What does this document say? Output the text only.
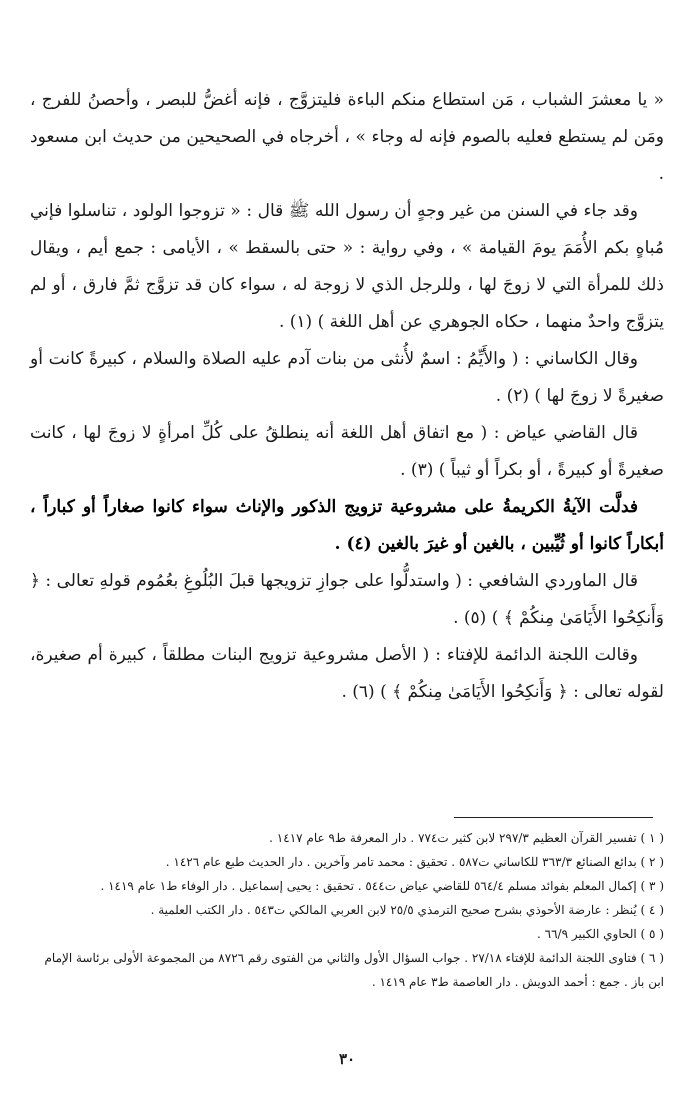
« يا معشرَ الشباب ، مَن استطاع منكم الباءة فليتزوَّج ، فإنه أغضُّ للبصر ، وأحصنُ للفرج ، ومَن لم يستطع فعليه بالصوم فإنه له وجاء » ، أخرجاه في الصحيحين من حديث ابن مسعود .

وقد جاء في السنن من غير وجهٍ أن رسول الله ﷺ قال : « تزوجوا الولود ، تناسلوا فإني مُباهٍ بكم الأُمَمَ يومَ القيامة » ، وفي رواية : « حتى بالسقط » ، الأيامى : جمع أيم ، ويقال ذلك للمرأة التي لا زوجَ لها ، وللرجل الذي لا زوجة له ، سواء كان قد تزوَّج ثمَّ فارق ، أو لم يتزوَّج واحدٌ منهما ، حكاه الجوهري عن أهل اللغة ) (١) .

وقال الكاساني : ( والأَيِّمُ : اسمٌ لأُنثى من بنات آدم عليه الصلاة والسلام ، كبيرةً كانت أو صغيرةً لا زوجَ لها ) (٢) .

قال القاضي عياض : ( مع اتفاق أهل اللغة أنه ينطلقُ على كُلِّ امرأةٍ لا زوجَ لها ، كانت صغيرةً أو كبيرةً ، أو بكراً أو ثيباً ) (٣) .

فدلَّت الآيةُ الكريمةُ على مشروعية تزويج الذكور والإناث سواء كانوا صغاراً أو كباراً ، أبكاراً كانوا أو ثُيِّبين ، بالغين أو غيرَ بالغين (٤) .

قال الماوردي الشافعي : ( واستدلُّوا على جوازِ تزويجها قبلَ البُلُوغِ بعُمُوم قولهِ تعالى : ﴿ وَأَنكِحُوا الأَيَامَىٰ مِنكُمْ ﴾ ) (٥) .

وقالت اللجنة الدائمة للإفتاء : ( الأصل مشروعية تزويج البنات مطلقاً ، كبيرة أم صغيرة، لقوله تعالى : ﴿ وَأَنكِحُوا الأَيَامَىٰ مِنكُمْ ﴾ ) (٦) .

( ١ ) تفسير القرآن العظيم ٢٩٧/٣ لابن كثير ت٧٧٤ . دار المعرفة ط٩ عام ١٤١٧ .

( ٢ ) بدائع الصنائع ٣٦٣/٣ للكاساني ت٥٨٧ . تحقيق : محمد تامر وآخرين . دار الحديث طبع عام ١٤٢٦ .

( ٣ ) إكمال المعلم بفوائد مسلم ٥٦٤/٤ للقاضي عياض ت٥٤٤ . تحقيق : يحيى إسماعيل . دار الوفاء ط١ عام ١٤١٩ .

( ٤ ) يُنظر : عارضة الأحوذي بشرح صحيح الترمذي ٢٥/٥ لابن العربي المالكي ت٥٤٣ . دار الكتب العلمية .

( ٥ ) الحاوي الكبير ٦٦/٩ .

( ٦ ) فتاوى اللجنة الدائمة للإفتاء ٢٧/١٨ . جواب السؤال الأول والثاني من الفتوى رقم ٨٧٢٦ من المجموعة الأولى برئاسة الإمام ابن باز . جمع : أحمد الدويش . دار العاصمة ط٣ عام ١٤١٩ .

٣٠
